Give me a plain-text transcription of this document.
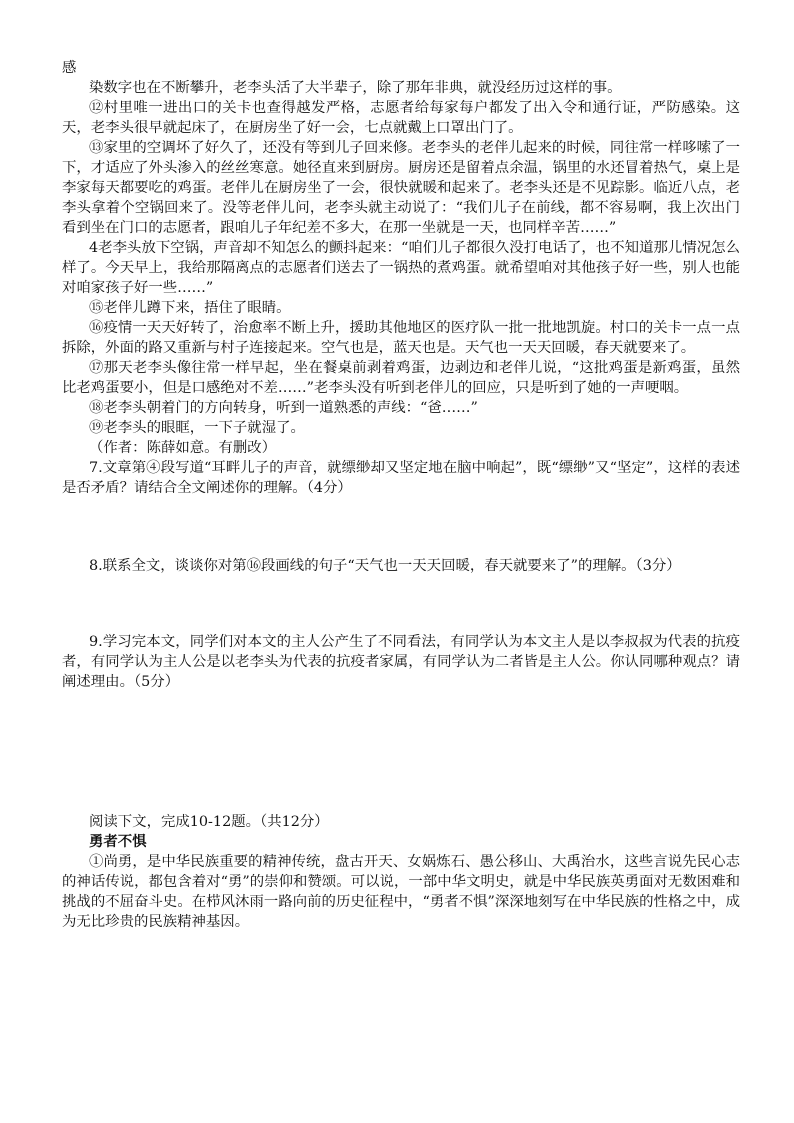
感

染数字也在不断攀升，老李头活了大半辈子，除了那年非典，就没经历过这样的事。

⑫村里唯一进出口的关卡也查得越发严格，志愿者给每家每户都发了出入令和通行证，严防感染。这天，老李头很早就起床了，在厨房坐了好一会，七点就戴上口罩出门了。

⑬家里的空调坏了好久了，还没有等到儿子回来修。老李头的老伴儿起来的时候，同往常一样哆嗦了一下，才适应了外头渗入的丝丝寒意。她径直来到厨房。厨房还是留着点余温，锅里的水还冒着热气，桌上是李家每天都要吃的鸡蛋。老伴儿在厨房坐了一会，很快就暖和起来了。老李头还是不见踪影。临近八点，老李头拿着个空锅回来了。没等老伴儿问，老李头就主动说了：“我们儿子在前线，都不容易啊，我上次出门看到坐在门口的志愿者，跟咱儿子年纪差不多大，在那一坐就是一天，也同样辛苦……”

4老李头放下空锅，声音却不知怎么的颤抖起来：“咱们儿子都很久没打电话了，也不知道那儿情况怎么样了。今天早上，我给那隔离点的志愿者们送去了一锅热的煮鸡蛋。就希望咱对其他孩子好一些，别人也能对咱家孩子好一些……”

⑮老伴儿蹲下来，捂住了眼睛。

⑯疫情一天天好转了，治愈率不断上升，援助其他地区的医疗队一批一批地凯旋。村口的关卡一点一点拆除，外面的路又重新与村子连接起来。空气也是，蓝天也是。天气也一天天回暖，春天就要来了。

⑰那天老李头像往常一样早起，坐在餐桌前剥着鸡蛋，边剥边和老伴儿说，“这批鸡蛋是新鸡蛋，虽然比老鸡蛋要小，但是口感绝对不差……”老李头没有听到老伴儿的回应，只是听到了她的一声哽咽。

⑱老李头朝着门的方向转身，听到一道熟悉的声线：“爸……”

⑲老李头的眼眶，一下子就湿了。

（作者：陈薛如意。有删改）

7.文章第④段写道“耳畔儿子的声音，就缥缈却又坚定地在脑中响起”，既“缥缈”又“坚定”，这样的表述是否矛盾？请结合全文阐述你的理解。（4分）

8.联系全文，谈谈你对第⑯段画线的句子“天气也一天天回暖，春天就要来了”的理解。（3分）

9.学习完本文，同学们对本文的主人公产生了不同看法，有同学认为本文主人是以李叔叔为代表的抗疫者，有同学认为主人公是以老李头为代表的抗疫者家属，有同学认为二者皆是主人公。你认同哪种观点？请阐述理由。（5分）

阅读下文，完成10-12题。（共12分）

勇者不惧

①尚勇，是中华民族重要的精神传统，盘古开天、女娲炼石、愚公移山、大禹治水，这些言说先民心志的神话传说，都包含着对“勇”的崇仰和赞颂。可以说，一部中华文明史，就是中华民族英勇面对无数困难和挑战的不屈奋斗史。在栉风沐雨一路向前的历史征程中，“勇者不惧”深深地刻写在中华民族的性格之中，成为无比珍贵的民族精神基因。
